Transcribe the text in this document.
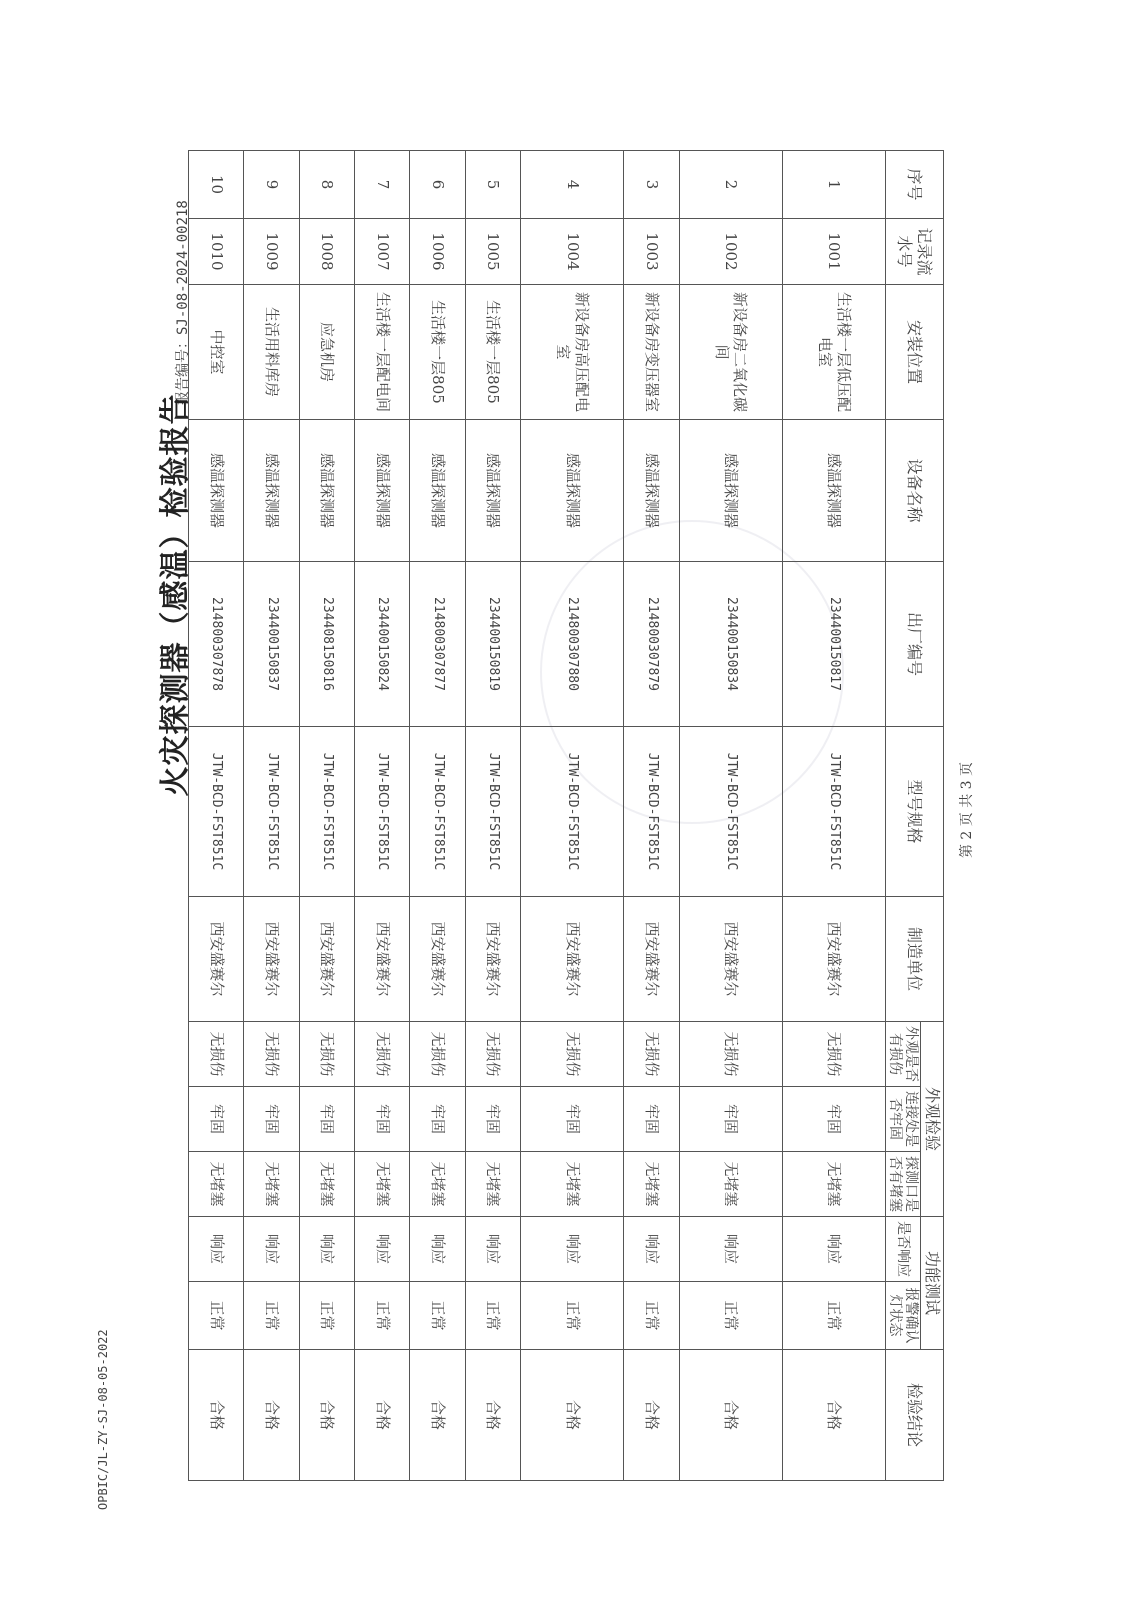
OPBIC/JL-ZY-SJ-08-05-2022
报告编号：SJ-08-2024-00218
火灾探测器（感温）检验报告
第 2 页 共 3 页
序号	记录流水号	安装位置	设备名称	出厂编号	型号规格	制造单位	外观检验			功能测试		检验结论
							外观是否有损伤	连接处是否牢固	探测口是否有堵塞	是否响应	报警确认灯状态	
1	1001	生活楼一层低压配电室	感温探测器	234400150817	JTW-BCD-FST851C	西安盛赛尔	无损伤	牢固	无堵塞	响应	正常	合格
2	1002	新设备房二氧化碳间	感温探测器	234400150834	JTW-BCD-FST851C	西安盛赛尔	无损伤	牢固	无堵塞	响应	正常	合格
3	1003	新设备房变压器室	感温探测器	214800307879	JTW-BCD-FST851C	西安盛赛尔	无损伤	牢固	无堵塞	响应	正常	合格
4	1004	新设备房高压配电室	感温探测器	214800307880	JTW-BCD-FST851C	西安盛赛尔	无损伤	牢固	无堵塞	响应	正常	合格
5	1005	生活楼一层805	感温探测器	234400150819	JTW-BCD-FST851C	西安盛赛尔	无损伤	牢固	无堵塞	响应	正常	合格
6	1006	生活楼一层805	感温探测器	214800307877	JTW-BCD-FST851C	西安盛赛尔	无损伤	牢固	无堵塞	响应	正常	合格
7	1007	生活楼一层配电间	感温探测器	234400150824	JTW-BCD-FST851C	西安盛赛尔	无损伤	牢固	无堵塞	响应	正常	合格
8	1008	应急机房	感温探测器	234408150816	JTW-BCD-FST851C	西安盛赛尔	无损伤	牢固	无堵塞	响应	正常	合格
9	1009	生活用料库房	感温探测器	234400150837	JTW-BCD-FST851C	西安盛赛尔	无损伤	牢固	无堵塞	响应	正常	合格
10	1010	中控室	感温探测器	214800307878	JTW-BCD-FST851C	西安盛赛尔	无损伤	牢固	无堵塞	响应	正常	合格
